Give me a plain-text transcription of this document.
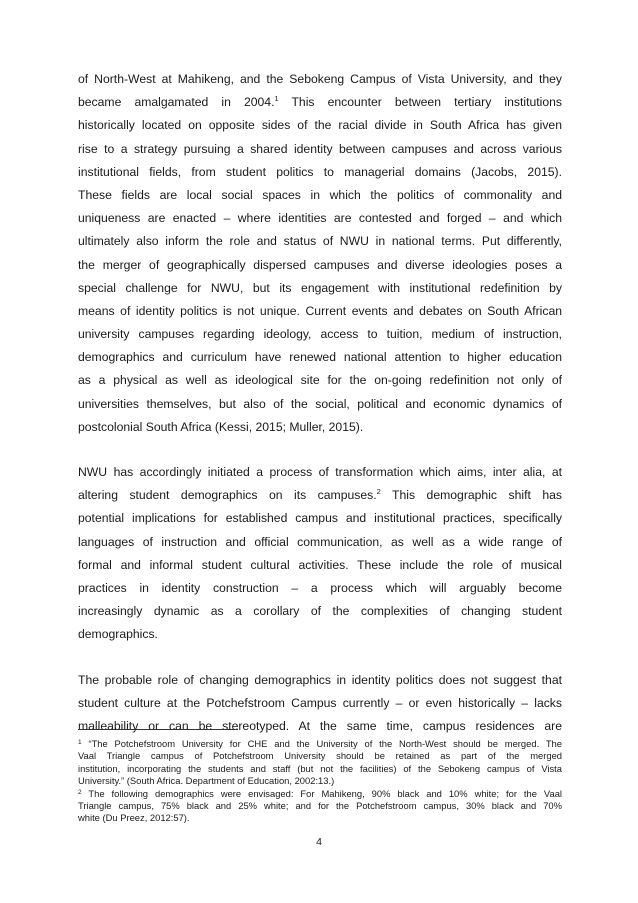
of North-West at Mahikeng, and the Sebokeng Campus of Vista University, and they
became amalgamated in 2004.$^1$ This encounter between tertiary institutions
historically located on opposite sides of the racial divide in South Africa has given
rise to a strategy pursuing a shared identity between campuses and across various
institutional fields, from student politics to managerial domains (Jacobs, 2015).
These fields are local social spaces in which the politics of commonality and
uniqueness are enacted – where identities are contested and forged – and which
ultimately also inform the role and status of NWU in national terms. Put differently,
the merger of geographically dispersed campuses and diverse ideologies poses a
special challenge for NWU, but its engagement with institutional redefinition by
means of identity politics is not unique. Current events and debates on South African
university campuses regarding ideology, access to tuition, medium of instruction,
demographics and curriculum have renewed national attention to higher education
as a physical as well as ideological site for the on-going redefinition not only of
universities themselves, but also of the social, political and economic dynamics of
postcolonial South Africa (Kessi, 2015; Muller, 2015).
NWU has accordingly initiated a process of transformation which aims, inter alia, at
altering student demographics on its campuses.$^2$ This demographic shift has
potential implications for established campus and institutional practices, specifically
languages of instruction and official communication, as well as a wide range of
formal and informal student cultural activities. These include the role of musical
practices in identity construction – a process which will arguably become
increasingly dynamic as a corollary of the complexities of changing student
demographics.
The probable role of changing demographics in identity politics does not suggest that
student culture at the Potchefstroom Campus currently – or even historically – lacks
malleability or can be stereotyped. At the same time, campus residences are
$^1$ “The Potchefstroom University for CHE and the University of the North-West should be merged. The
Vaal Triangle campus of Potchefstroom University should be retained as part of the merged
institution, incorporating the students and staff (but not the facilities) of the Sebokeng campus of Vista
University.” (South Africa. Department of Education, 2002:13.)
$^2$ The following demographics were envisaged: For Mahikeng, 90% black and 10% white; for the Vaal
Triangle campus, 75% black and 25% white; and for the Potchefstroom campus, 30% black and 70%
white (Du Preez, 2012:57).
4
